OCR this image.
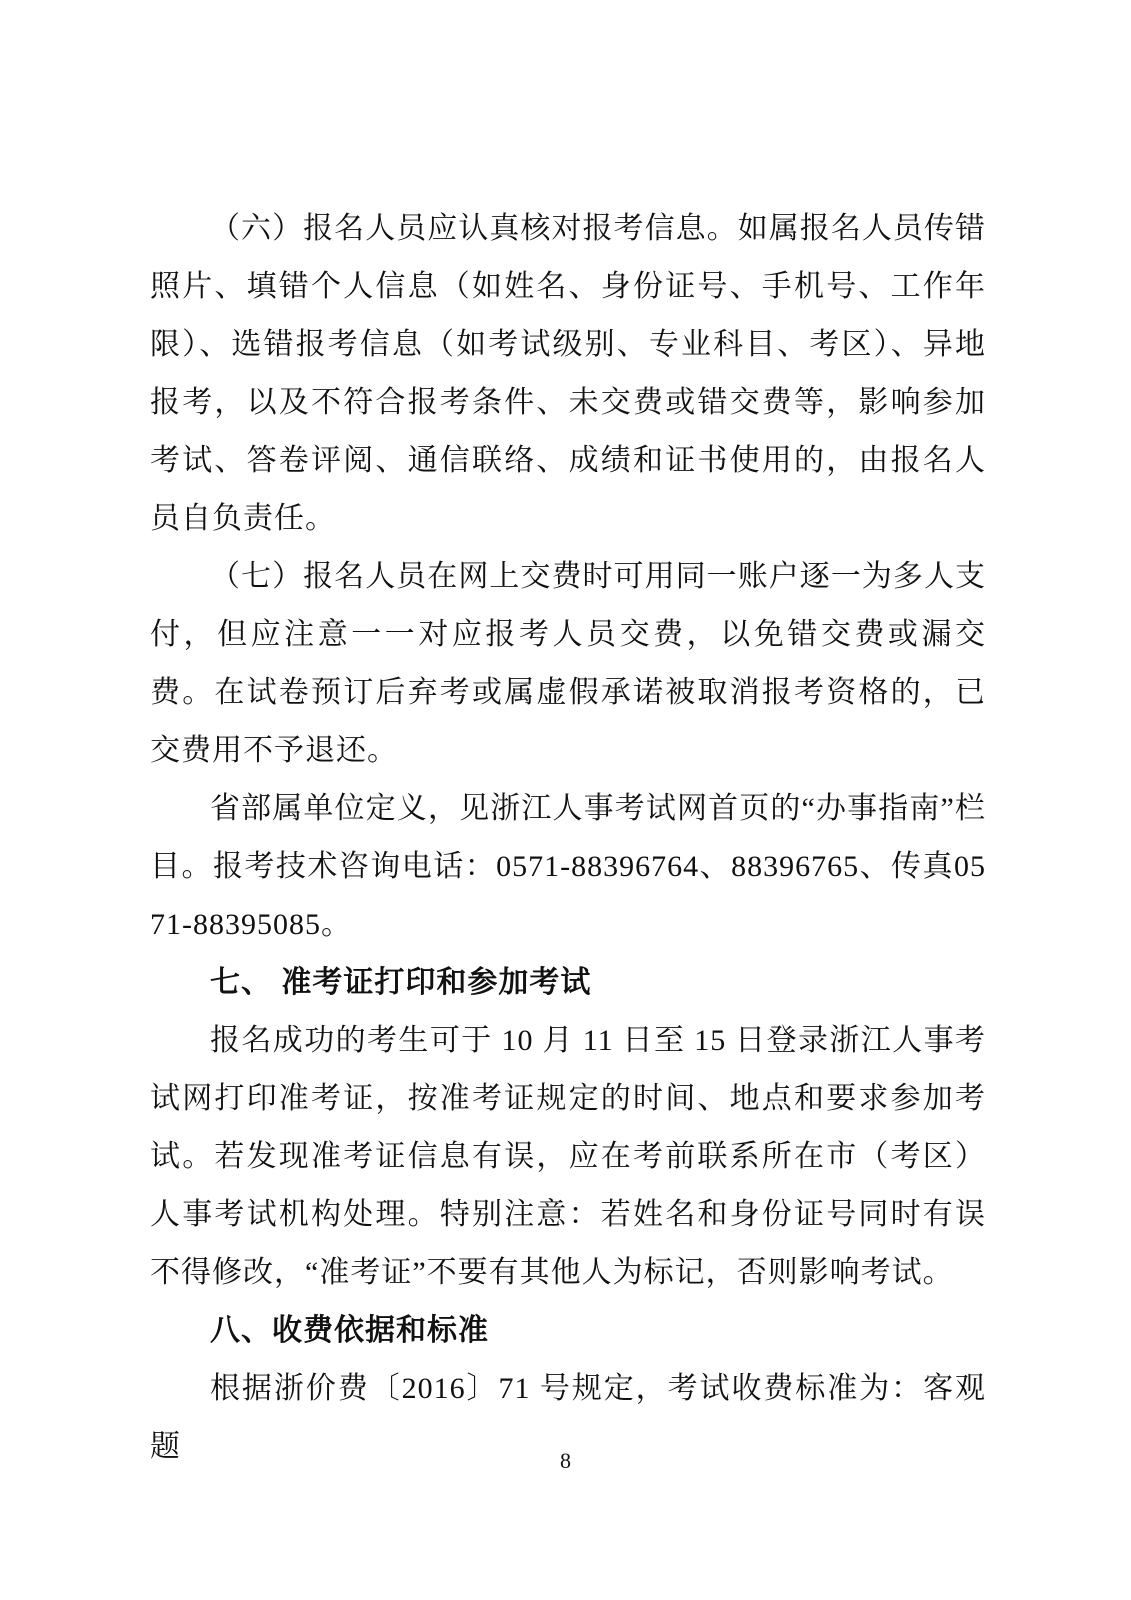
（六）报名人员应认真核对报考信息。如属报名人员传错照片、填错个人信息（如姓名、身份证号、手机号、工作年限）、选错报考信息（如考试级别、专业科目、考区）、异地报考，以及不符合报考条件、未交费或错交费等，影响参加考试、答卷评阅、通信联络、成绩和证书使用的，由报名人员自负责任。

（七）报名人员在网上交费时可用同一账户逐一为多人支付，但应注意一一对应报考人员交费，以免错交费或漏交费。在试卷预订后弃考或属虚假承诺被取消报考资格的，已交费用不予退还。

省部属单位定义，见浙江人事考试网首页的“办事指南”栏目。报考技术咨询电话：0571-88396764、88396765、传真0571-88395085。

七、 准考证打印和参加考试

报名成功的考生可于 10 月 11 日至 15 日登录浙江人事考试网打印准考证，按准考证规定的时间、地点和要求参加考试。若发现准考证信息有误，应在考前联系所在市（考区）人事考试机构处理。特别注意：若姓名和身份证号同时有误不得修改，“准考证”不要有其他人为标记，否则影响考试。

八、收费依据和标准

根据浙价费〔2016〕71 号规定，考试收费标准为：客观题	8
